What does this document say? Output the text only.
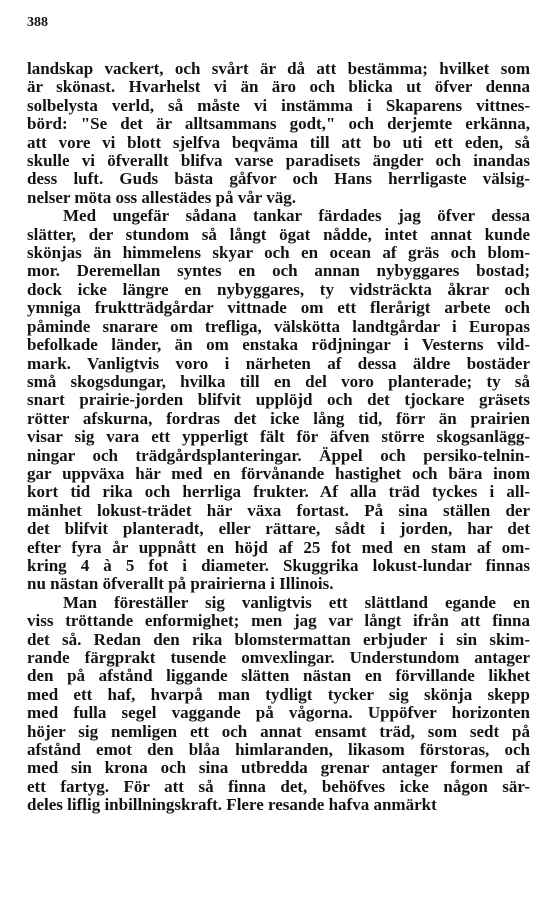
388
landskap vackert, och svårt är då att bestämma; hvilket som
är skönast. Hvarhelst vi än äro och blicka ut öfver denna
solbelysta verld, så måste vi instämma i Skaparens vittnes-
börd: "Se det är alltsammans godt," och derjemte erkänna,
att vore vi blott sjelfva beqväma till att bo uti ett eden, så
skulle vi öfverallt blifva varse paradisets ängder och inandas
dess luft. Guds bästa gåfvor och Hans herrligaste välsig-
nelser möta oss allestädes på vår väg.
Med ungefär sådana tankar färdades jag öfver dessa
slätter, der stundom så långt ögat nådde, intet annat kunde
skönjas än himmelens skyar och en ocean af gräs och blom-
mor. Deremellan syntes en och annan nybyggares bostad;
dock icke längre en nybyggares, ty vidsträckta åkrar och
ymniga fruktträdgårdar vittnade om ett flerårigt arbete och
påminde snarare om trefliga, välskötta landtgårdar i Europas
befolkade länder, än om enstaka rödjningar i Vesterns vild-
mark. Vanligtvis voro i närheten af dessa äldre bostäder
små skogsdungar, hvilka till en del voro planterade; ty så
snart prairie-jorden blifvit upplöjd och det tjockare gräsets
rötter afskurna, fordras det icke lång tid, förr än prairien
visar sig vara ett ypperligt fält för äfven större skogsanlägg-
ningar och trädgårdsplanteringar. Äppel och persiko-telnin-
gar uppväxa här med en förvånande hastighet och bära inom
kort tid rika och herrliga frukter. Af alla träd tyckes i all-
mänhet lokust-trädet här växa fortast. På sina ställen der
det blifvit planteradt, eller rättare, sådt i jorden, har det
efter fyra år uppnått en höjd af 25 fot med en stam af om-
kring 4 à 5 fot i diameter. Skuggrika lokust-lundar finnas
nu nästan öfverallt på prairierna i Illinois.
Man föreställer sig vanligtvis ett slättland egande en
viss tröttande enformighet; men jag var långt ifrån att finna
det så. Redan den rika blomstermattan erbjuder i sin skim-
rande färgprakt tusende omvexlingar. Understundom antager
den på afstånd liggande slätten nästan en förvillande likhet
med ett haf, hvarpå man tydligt tycker sig skönja skepp
med fulla segel vaggande på vågorna. Uppöfver horizonten
höjer sig nemligen ett och annat ensamt träd, som sedt på
afstånd emot den blåa himlaranden, likasom förstoras, och
med sin krona och sina utbredda grenar antager formen af
ett fartyg. För att så finna det, behöfves icke någon sär-
deles liflig inbillningskraft. Flere resande hafva anmärkt
